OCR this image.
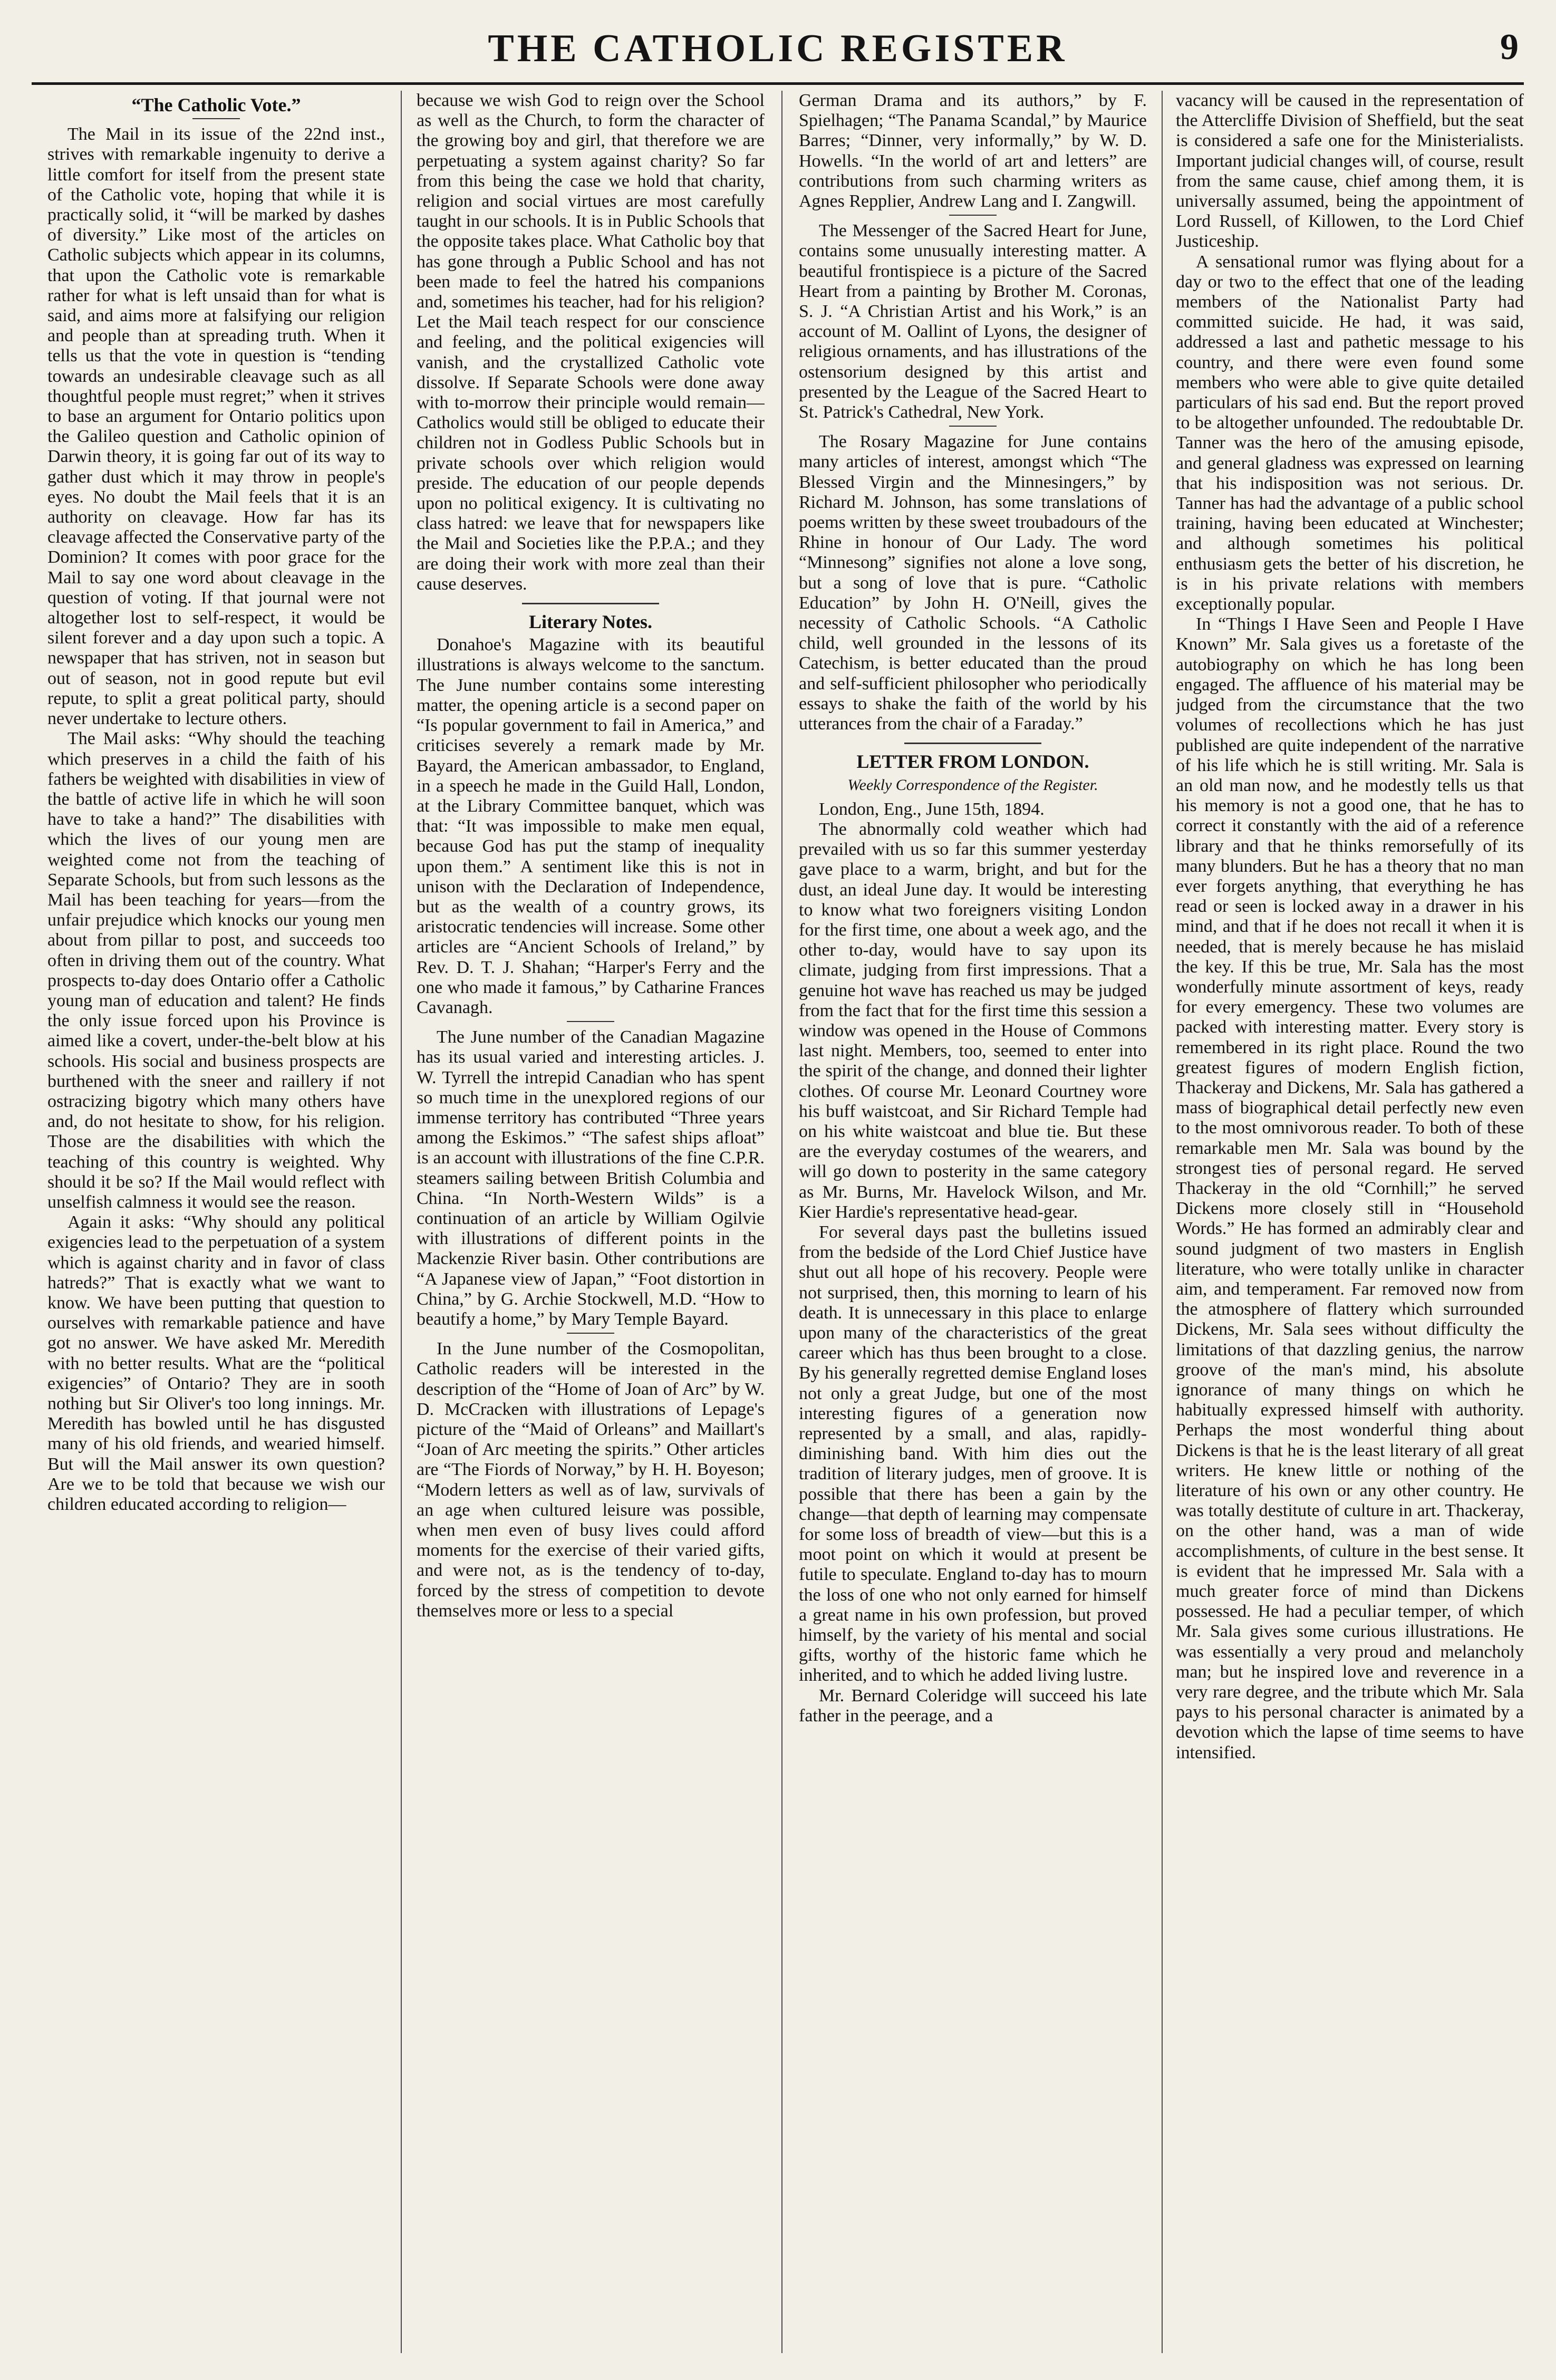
THE CATHOLIC REGISTER	9
“The Catholic Vote.”

The Mail in its issue of the 22nd inst., strives with remarkable ingenuity to derive a little comfort for itself from the present state of the Catholic vote, hoping that while it is practically solid, it “will be marked by dashes of diversity.” Like most of the articles on Catholic subjects which appear in its columns, that upon the Catholic vote is remarkable rather for what is left unsaid than for what is said, and aims more at falsifying our religion and people than at spreading truth. When it tells us that the vote in question is “tending towards an undesirable cleavage such as all thoughtful people must regret;” when it strives to base an argument for Ontario politics upon the Galileo question and Catholic opinion of Darwin theory, it is going far out of its way to gather dust which it may throw in people's eyes. No doubt the Mail feels that it is an authority on cleavage. How far has its cleavage affected the Conservative party of the Dominion? It comes with poor grace for the Mail to say one word about cleavage in the question of voting. If that journal were not altogether lost to self-respect, it would be silent forever and a day upon such a topic. A newspaper that has striven, not in season but out of season, not in good repute but evil repute, to split a great political party, should never undertake to lecture others.

The Mail asks: “Why should the teaching which preserves in a child the faith of his fathers be weighted with disabilities in view of the battle of active life in which he will soon have to take a hand?” The disabilities with which the lives of our young men are weighted come not from the teaching of Separate Schools, but from such lessons as the Mail has been teaching for years—from the unfair prejudice which knocks our young men about from pillar to post, and succeeds too often in driving them out of the country. What prospects to-day does Ontario offer a Catholic young man of education and talent? He finds the only issue forced upon his Province is aimed like a covert, under-the-belt blow at his schools. His social and business prospects are burthened with the sneer and raillery if not ostracizing bigotry which many others have and, do not hesitate to show, for his religion. Those are the disabilities with which the teaching of this country is weighted. Why should it be so? If the Mail would reflect with unselfish calmness it would see the reason.

Again it asks: “Why should any political exigencies lead to the perpetuation of a system which is against charity and in favor of class hatreds?” That is exactly what we want to know. We have been putting that question to ourselves with remarkable patience and have got no answer. We have asked Mr. Meredith with no better results. What are the “political exigencies” of Ontario? They are in sooth nothing but Sir Oliver's too long innings. Mr. Meredith has bowled until he has disgusted many of his old friends, and wearied himself. But will the Mail answer its own question? Are we to be told that because we wish our children educated according to religion—

because we wish God to reign over the School as well as the Church, to form the character of the growing boy and girl, that therefore we are perpetuating a system against charity? So far from this being the case we hold that charity, religion and social virtues are most carefully taught in our schools. It is in Public Schools that the opposite takes place. What Catholic boy that has gone through a Public School and has not been made to feel the hatred his companions and, sometimes his teacher, had for his religion? Let the Mail teach respect for our conscience and feeling, and the political exigencies will vanish, and the crystallized Catholic vote dissolve. If Separate Schools were done away with to-morrow their principle would remain—Catholics would still be obliged to educate their children not in Godless Public Schools but in private schools over which religion would preside. The education of our people depends upon no political exigency. It is cultivating no class hatred: we leave that for newspapers like the Mail and Societies like the P.P.A.; and they are doing their work with more zeal than their cause deserves.

Literary Notes.

Donahoe's Magazine with its beautiful illustrations is always welcome to the sanctum. The June number contains some interesting matter, the opening article is a second paper on “Is popular government to fail in America,” and criticises severely a remark made by Mr. Bayard, the American ambassador, to England, in a speech he made in the Guild Hall, London, at the Library Committee banquet, which was that: “It was impossible to make men equal, because God has put the stamp of inequality upon them.” A sentiment like this is not in unison with the Declaration of Independence, but as the wealth of a country grows, its aristocratic tendencies will increase. Some other articles are “Ancient Schools of Ireland,” by Rev. D. T. J. Shahan; “Harper's Ferry and the one who made it famous,” by Catharine Frances Cavanagh.

The June number of the Canadian Magazine has its usual varied and interesting articles. J. W. Tyrrell the intrepid Canadian who has spent so much time in the unexplored regions of our immense territory has contributed “Three years among the Eskimos.” “The safest ships afloat” is an account with illustrations of the fine C.P.R. steamers sailing between British Columbia and China. “In North-Western Wilds” is a continuation of an article by William Ogilvie with illustrations of different points in the Mackenzie River basin. Other contributions are “A Japanese view of Japan,” “Foot distortion in China,” by G. Archie Stockwell, M.D. “How to beautify a home,” by Mary Temple Bayard.

In the June number of the Cosmopolitan, Catholic readers will be interested in the description of the “Home of Joan of Arc” by W. D. McCracken with illustrations of Lepage's picture of the “Maid of Orleans” and Maillart's “Joan of Arc meeting the spirits.” Other articles are “The Fiords of Norway,” by H. H. Boyeson; “Modern letters as well as of law, survivals of an age when cultured leisure was possible, when men even of busy lives could afford moments for the exercise of their varied gifts, and were not, as is the tendency of to-day, forced by the stress of competition to devote themselves more or less to a special

German Drama and its authors,” by F. Spielhagen; “The Panama Scandal,” by Maurice Barres; “Dinner, very informally,” by W. D. Howells. “In the world of art and letters” are contributions from such charming writers as Agnes Repplier, Andrew Lang and I. Zangwill.

The Messenger of the Sacred Heart for June, contains some unusually interesting matter. A beautiful frontispiece is a picture of the Sacred Heart from a painting by Brother M. Coronas, S. J. “A Christian Artist and his Work,” is an account of M. Oallint of Lyons, the designer of religious ornaments, and has illustrations of the ostensorium designed by this artist and presented by the League of the Sacred Heart to St. Patrick's Cathedral, New York.

The Rosary Magazine for June contains many articles of interest, amongst which “The Blessed Virgin and the Minnesingers,” by Richard M. Johnson, has some translations of poems written by these sweet troubadours of the Rhine in honour of Our Lady. The word “Minnesong” signifies not alone a love song, but a song of love that is pure. “Catholic Education” by John H. O'Neill, gives the necessity of Catholic Schools. “A Catholic child, well grounded in the lessons of its Catechism, is better educated than the proud and self-sufficient philosopher who periodically essays to shake the faith of the world by his utterances from the chair of a Faraday.”

LETTER FROM LONDON.
Weekly Correspondence of the Register.

London, Eng., June 15th, 1894.

The abnormally cold weather which had prevailed with us so far this summer yesterday gave place to a warm, bright, and but for the dust, an ideal June day. It would be interesting to know what two foreigners visiting London for the first time, one about a week ago, and the other to-day, would have to say upon its climate, judging from first impressions. That a genuine hot wave has reached us may be judged from the fact that for the first time this session a window was opened in the House of Commons last night. Members, too, seemed to enter into the spirit of the change, and donned their lighter clothes. Of course Mr. Leonard Courtney wore his buff waistcoat, and Sir Richard Temple had on his white waistcoat and blue tie. But these are the everyday costumes of the wearers, and will go down to posterity in the same category as Mr. Burns, Mr. Havelock Wilson, and Mr. Kier Hardie's representative head-gear.

For several days past the bulletins issued from the bedside of the Lord Chief Justice have shut out all hope of his recovery. People were not surprised, then, this morning to learn of his death. It is unnecessary in this place to enlarge upon many of the characteristics of the great career which has thus been brought to a close. By his generally regretted demise England loses not only a great Judge, but one of the most interesting figures of a generation now represented by a small, and alas, rapidly-diminishing band. With him dies out the tradition of literary judges, men of groove. It is possible that there has been a gain by the change—that depth of learning may compensate for some loss of breadth of view—but this is a moot point on which it would at present be futile to speculate. England to-day has to mourn the loss of one who not only earned for himself a great name in his own profession, but proved himself, by the variety of his mental and social gifts, worthy of the historic fame which he inherited, and to which he added living lustre.

Mr. Bernard Coleridge will succeed his late father in the peerage, and a

vacancy will be caused in the representation of the Attercliffe Division of Sheffield, but the seat is considered a safe one for the Ministerialists. Important judicial changes will, of course, result from the same cause, chief among them, it is universally assumed, being the appointment of Lord Russell, of Killowen, to the Lord Chief Justiceship.

A sensational rumor was flying about for a day or two to the effect that one of the leading members of the Nationalist Party had committed suicide. He had, it was said, addressed a last and pathetic message to his country, and there were even found some members who were able to give quite detailed particulars of his sad end. But the report proved to be altogether unfounded. The redoubtable Dr. Tanner was the hero of the amusing episode, and general gladness was expressed on learning that his indisposition was not serious. Dr. Tanner has had the advantage of a public school training, having been educated at Winchester; and although sometimes his political enthusiasm gets the better of his discretion, he is in his private relations with members exceptionally popular.

In “Things I Have Seen and People I Have Known” Mr. Sala gives us a foretaste of the autobiography on which he has long been engaged. The affluence of his material may be judged from the circumstance that the two volumes of recollections which he has just published are quite independent of the narrative of his life which he is still writing. Mr. Sala is an old man now, and he modestly tells us that his memory is not a good one, that he has to correct it constantly with the aid of a reference library and that he thinks remorsefully of its many blunders. But he has a theory that no man ever forgets anything, that everything he has read or seen is locked away in a drawer in his mind, and that if he does not recall it when it is needed, that is merely because he has mislaid the key. If this be true, Mr. Sala has the most wonderfully minute assortment of keys, ready for every emergency. These two volumes are packed with interesting matter. Every story is remembered in its right place. Round the two greatest figures of modern English fiction, Thackeray and Dickens, Mr. Sala has gathered a mass of biographical detail perfectly new even to the most omnivorous reader. To both of these remarkable men Mr. Sala was bound by the strongest ties of personal regard. He served Thackeray in the old “Cornhill;” he served Dickens more closely still in “Household Words.” He has formed an admirably clear and sound judgment of two masters in English literature, who were totally unlike in character aim, and temperament. Far removed now from the atmosphere of flattery which surrounded Dickens, Mr. Sala sees without difficulty the limitations of that dazzling genius, the narrow groove of the man's mind, his absolute ignorance of many things on which he habitually expressed himself with authority. Perhaps the most wonderful thing about Dickens is that he is the least literary of all great writers. He knew little or nothing of the literature of his own or any other country. He was totally destitute of culture in art. Thackeray, on the other hand, was a man of wide accomplishments, of culture in the best sense. It is evident that he impressed Mr. Sala with a much greater force of mind than Dickens possessed. He had a peculiar temper, of which Mr. Sala gives some curious illustrations. He was essentially a very proud and melancholy man; but he inspired love and reverence in a very rare degree, and the tribute which Mr. Sala pays to his personal character is animated by a devotion which the lapse of time seems to have intensified.
